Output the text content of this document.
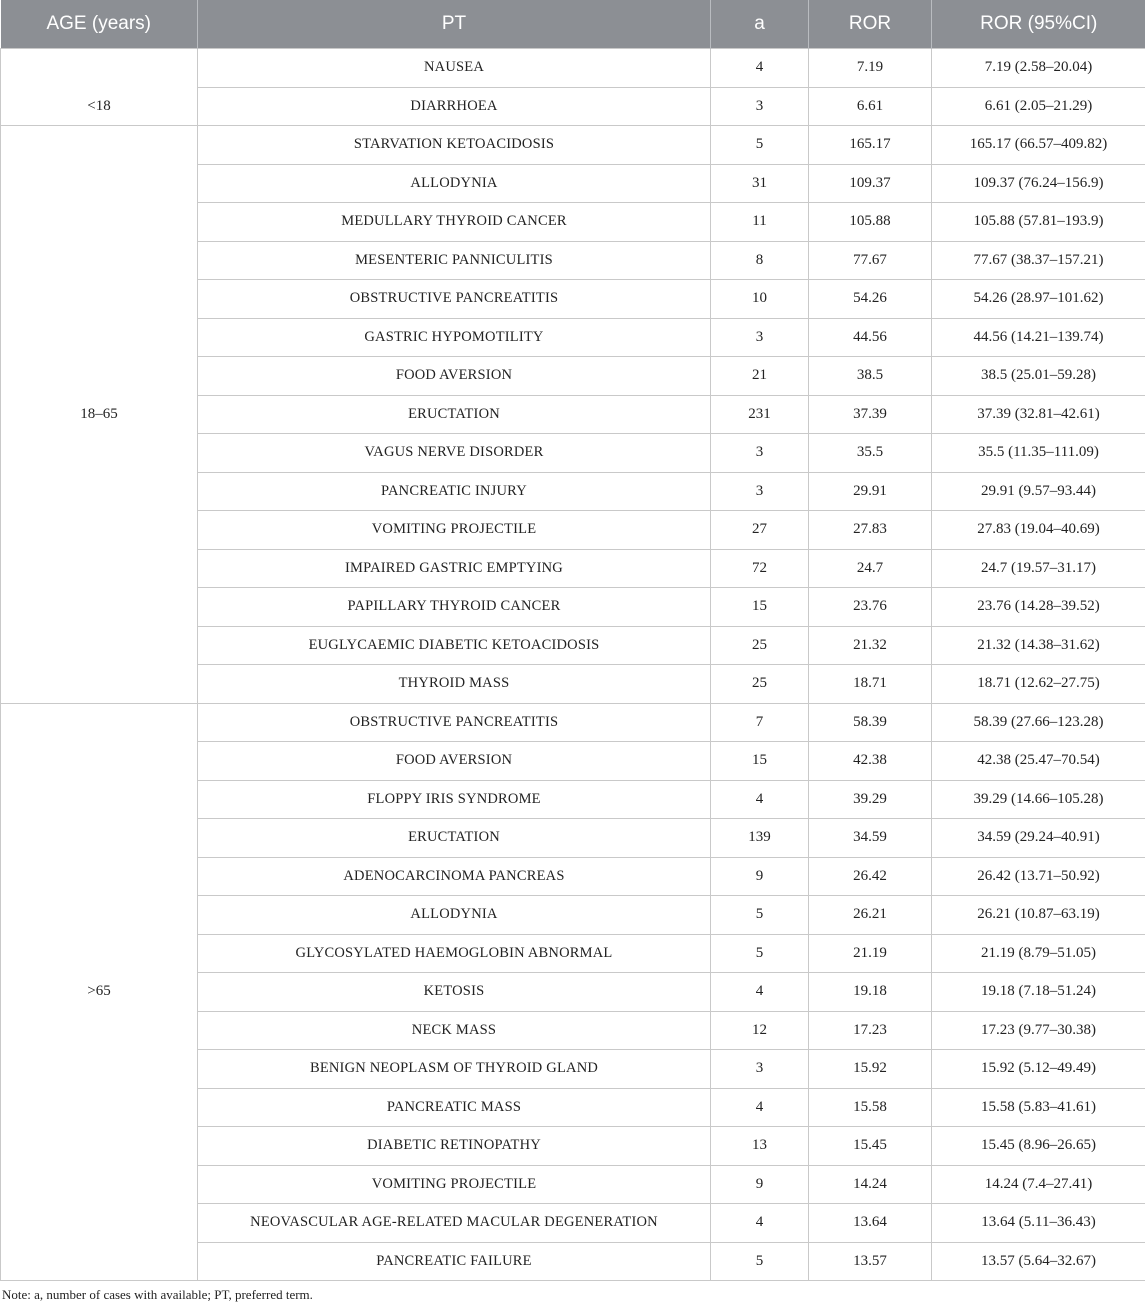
AGE (years)	PT	a	ROR	ROR (95%CI)
	NAUSEA	4	7.19	7.19 (2.58–20.04)
<18	DIARRHOEA	3	6.61	6.61 (2.05–21.29)
	STARVATION KETOACIDOSIS	5	165.17	165.17 (66.57–409.82)
	ALLODYNIA	31	109.37	109.37 (76.24–156.9)
	MEDULLARY THYROID CANCER	11	105.88	105.88 (57.81–193.9)
	MESENTERIC PANNICULITIS	8	77.67	77.67 (38.37–157.21)
	OBSTRUCTIVE PANCREATITIS	10	54.26	54.26 (28.97–101.62)
	GASTRIC HYPOMOTILITY	3	44.56	44.56 (14.21–139.74)
	FOOD AVERSION	21	38.5	38.5 (25.01–59.28)
18–65	ERUCTATION	231	37.39	37.39 (32.81–42.61)
	VAGUS NERVE DISORDER	3	35.5	35.5 (11.35–111.09)
	PANCREATIC INJURY	3	29.91	29.91 (9.57–93.44)
	VOMITING PROJECTILE	27	27.83	27.83 (19.04–40.69)
	IMPAIRED GASTRIC EMPTYING	72	24.7	24.7 (19.57–31.17)
	PAPILLARY THYROID CANCER	15	23.76	23.76 (14.28–39.52)
	EUGLYCAEMIC DIABETIC KETOACIDOSIS	25	21.32	21.32 (14.38–31.62)
	THYROID MASS	25	18.71	18.71 (12.62–27.75)
	OBSTRUCTIVE PANCREATITIS	7	58.39	58.39 (27.66–123.28)
	FOOD AVERSION	15	42.38	42.38 (25.47–70.54)
	FLOPPY IRIS SYNDROME	4	39.29	39.29 (14.66–105.28)
	ERUCTATION	139	34.59	34.59 (29.24–40.91)
	ADENOCARCINOMA PANCREAS	9	26.42	26.42 (13.71–50.92)
	ALLODYNIA	5	26.21	26.21 (10.87–63.19)
	GLYCOSYLATED HAEMOGLOBIN ABNORMAL	5	21.19	21.19 (8.79–51.05)
>65	KETOSIS	4	19.18	19.18 (7.18–51.24)
	NECK MASS	12	17.23	17.23 (9.77–30.38)
	BENIGN NEOPLASM OF THYROID GLAND	3	15.92	15.92 (5.12–49.49)
	PANCREATIC MASS	4	15.58	15.58 (5.83–41.61)
	DIABETIC RETINOPATHY	13	15.45	15.45 (8.96–26.65)
	VOMITING PROJECTILE	9	14.24	14.24 (7.4–27.41)
	NEOVASCULAR AGE-RELATED MACULAR DEGENERATION	4	13.64	13.64 (5.11–36.43)
	PANCREATIC FAILURE	5	13.57	13.57 (5.64–32.67)
Note: a, number of cases with available; PT, preferred term.
